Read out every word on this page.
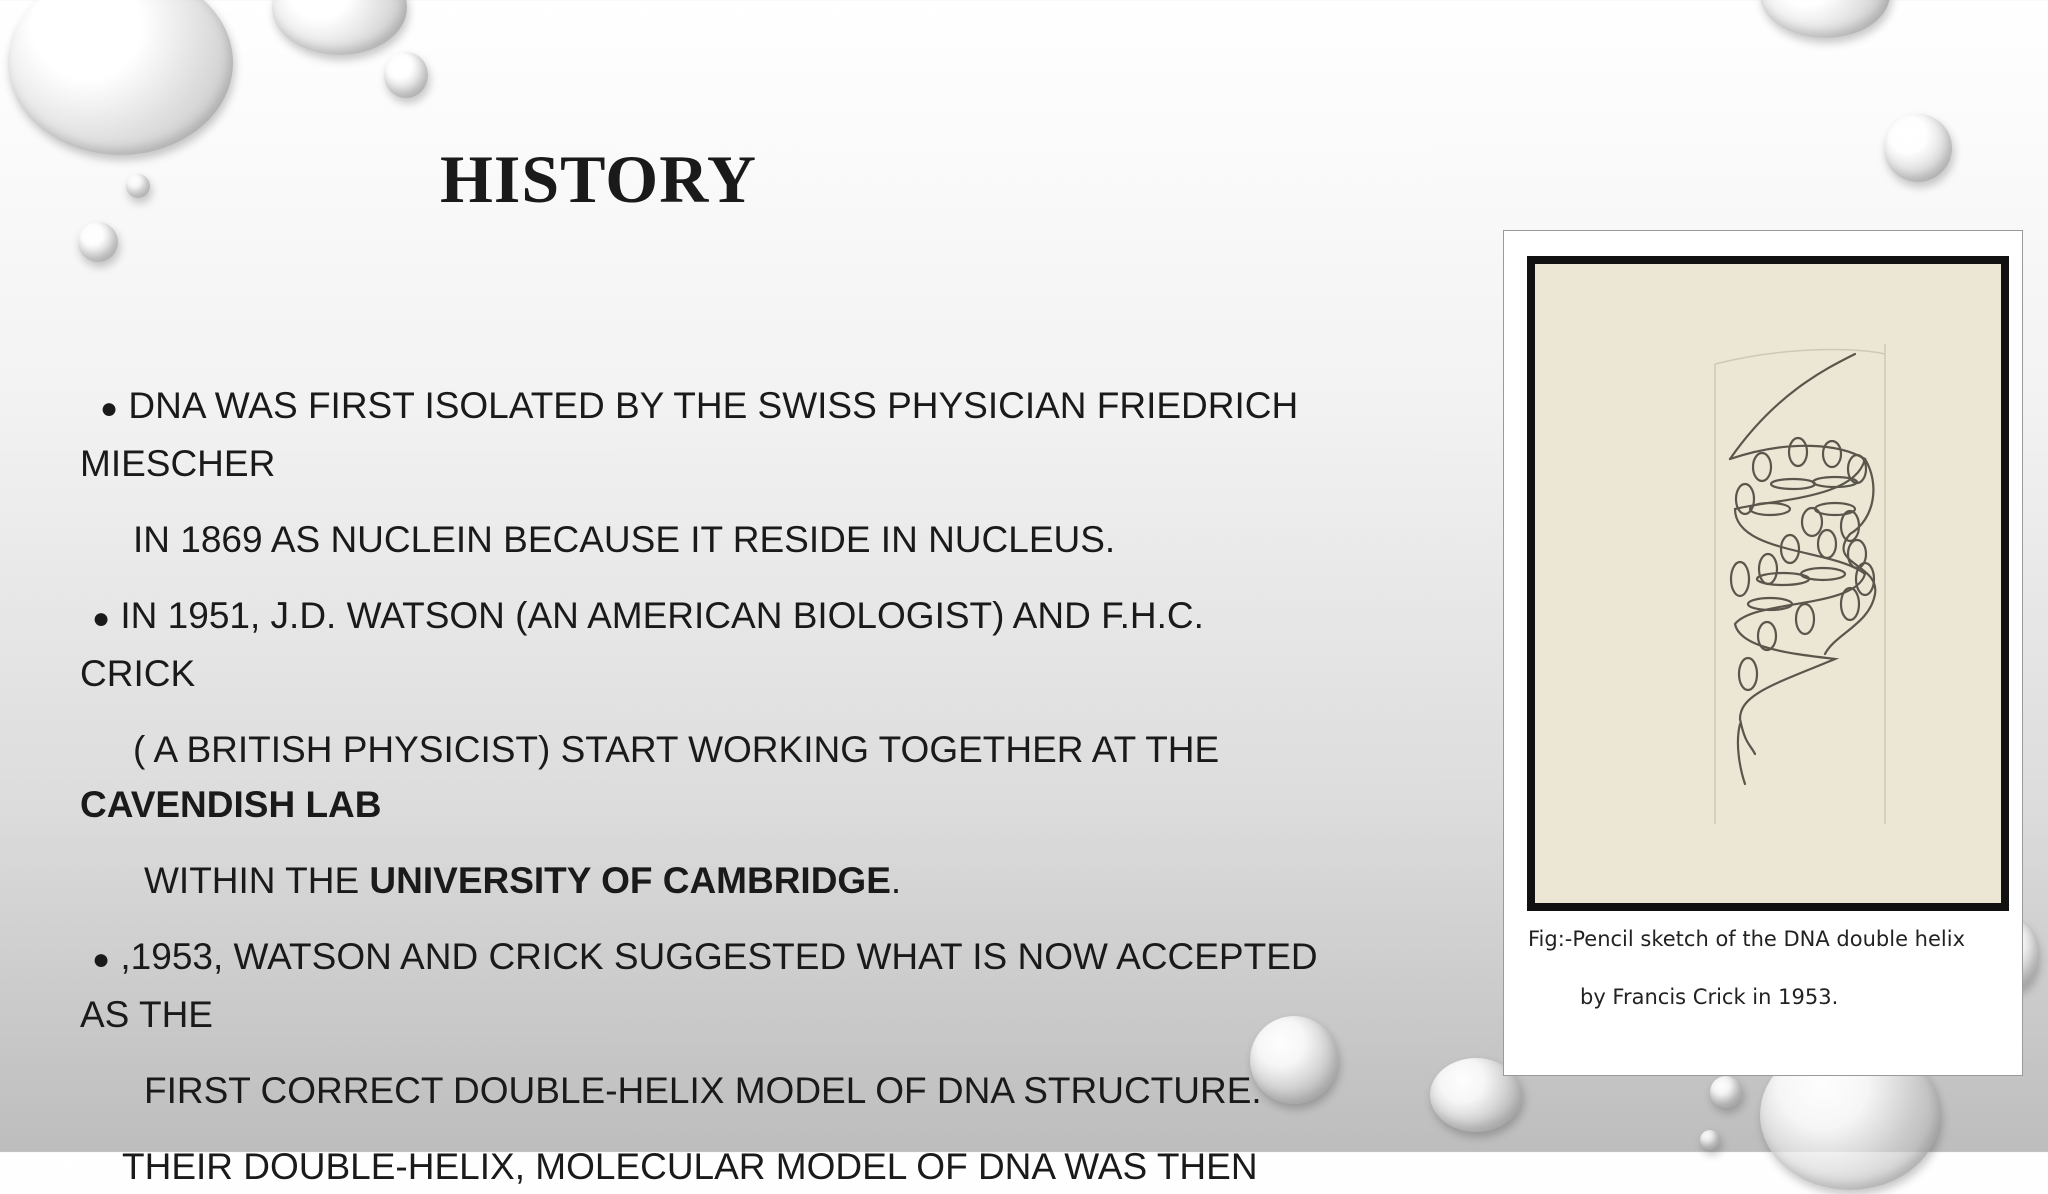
HISTORY

● DNA WAS FIRST ISOLATED BY THE SWISS PHYSICIAN FRIEDRICH

MIESCHER

IN 1869 AS NUCLEIN BECAUSE IT RESIDE IN NUCLEUS.

● IN 1951, J.D. WATSON (AN AMERICAN BIOLOGIST) AND F.H.C.

CRICK

( A BRITISH PHYSICIST) START WORKING TOGETHER AT THE

CAVENDISH LAB

WITHIN THE UNIVERSITY OF CAMBRIDGE.

● ,1953, WATSON AND CRICK SUGGESTED WHAT IS NOW ACCEPTED

AS THE

FIRST CORRECT DOUBLE-HELIX MODEL OF DNA STRUCTURE.

THEIR DOUBLE-HELIX, MOLECULAR MODEL OF DNA WAS THEN

Fig:-Pencil sketch of the DNA double helix

by Francis Crick in 1953.
